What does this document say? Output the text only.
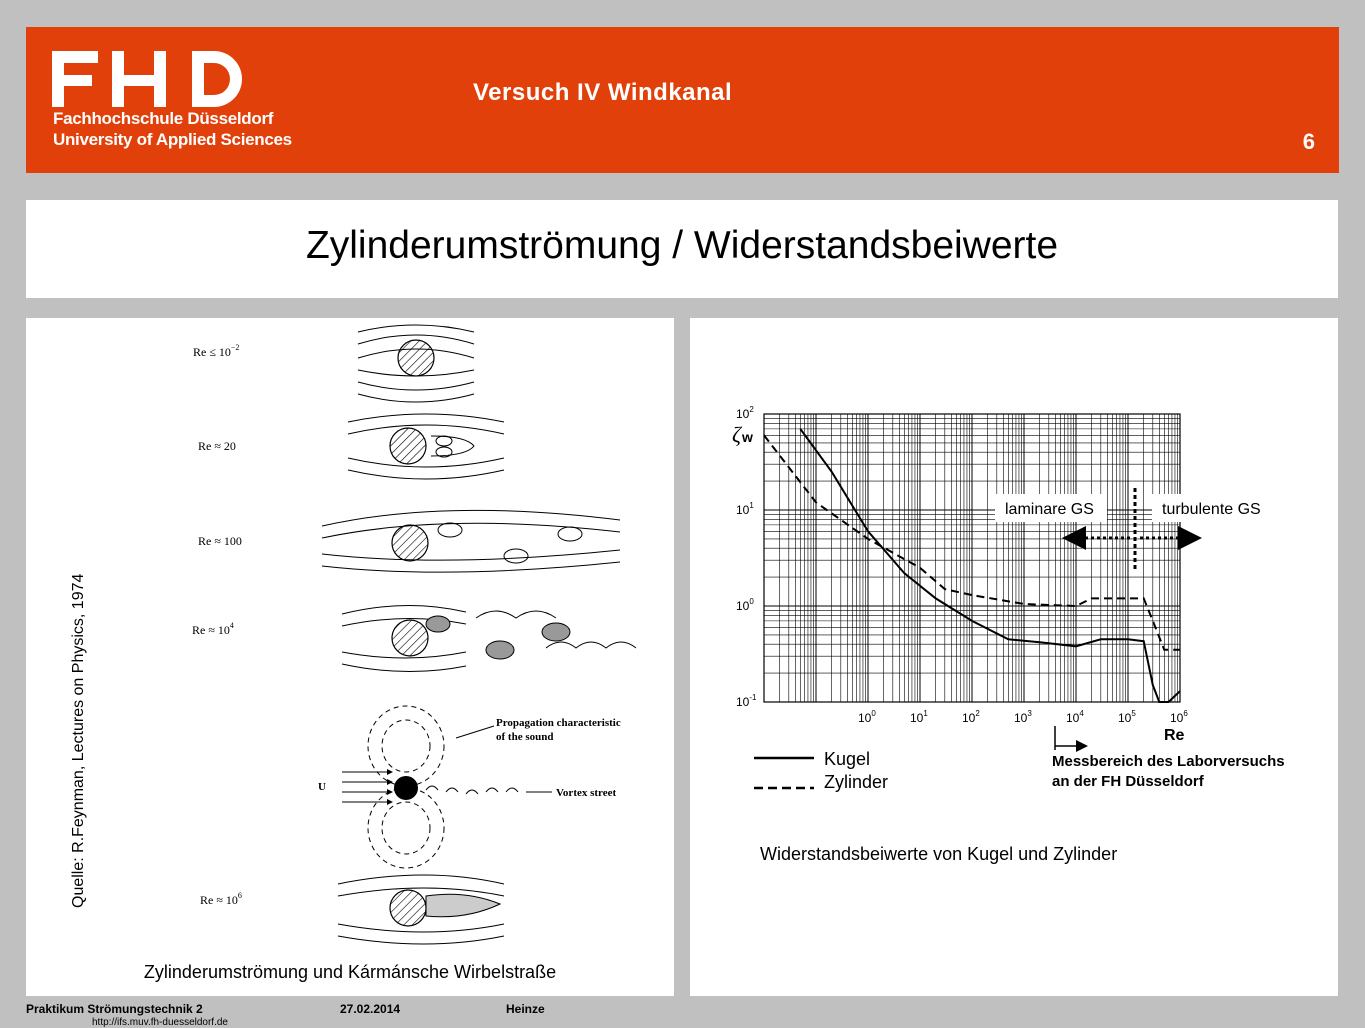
Fachhochschule Düsseldorf
University of Applied Sciences
Versuch IV Windkanal
6
Zylinderumströmung / Widerstandsbeiwerte
Quelle: R.Feynman, Lectures on Physics, 1974
$Re \le 10^{-2}$
Re ≈ 20
Re ≈ 100
$Re \approx 10^4$
Propagation characteristic
of the sound
Vortex street
U
$Re \approx 10^6$
Zylinderumströmung und Kármánsche Wirbelstraße
$10^0$	$10^1$	$10^2$	$10^3$	$10^4$	$10^5$	$10^6$
$10^{-1}$
$10^0$
$10^1$
$10^2$
ζ w
Re
laminare GS	turbulente GS
Kugel
Zylinder
Messbereich des Laborversuchs
an der FH Düsseldorf
Widerstandsbeiwerte von Kugel und Zylinder
Praktikum Strömungstechnik 2	27.02.2014	Heinze
http://ifs.muv.fh-duesseldorf.de
